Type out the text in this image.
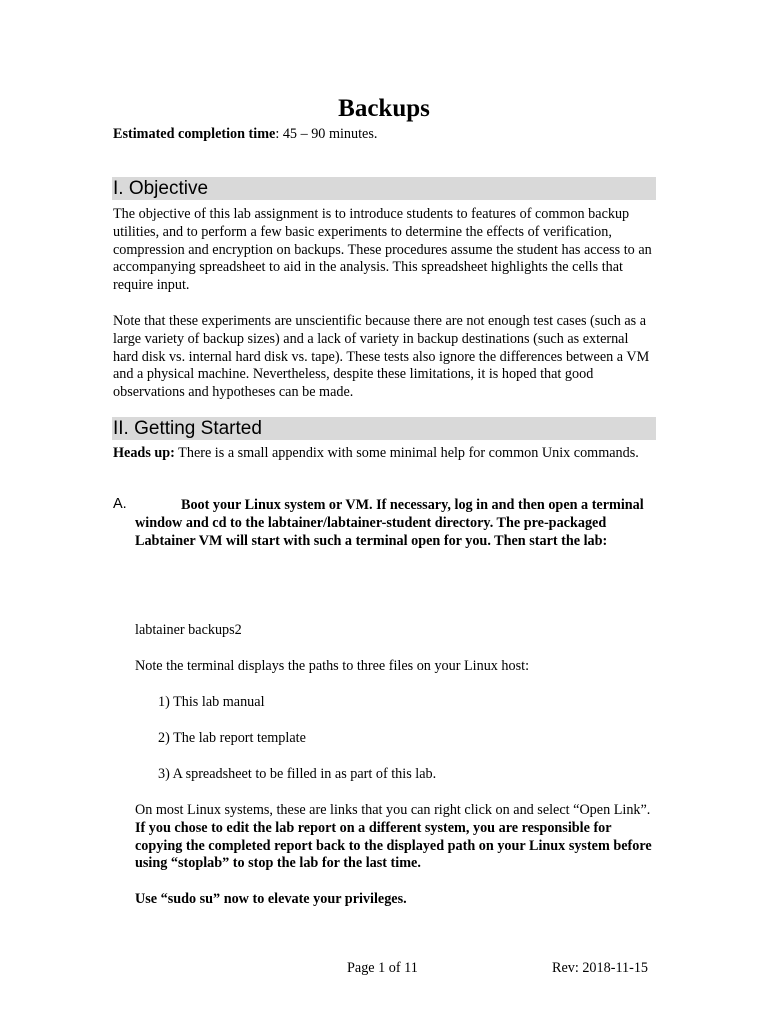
Backups
Estimated completion time: 45 – 90 minutes.
I. Objective
The objective of this lab assignment is to introduce students to features of common backup utilities, and to perform a few basic experiments to determine the effects of verification, compression and encryption on backups. These procedures assume the student has access to an accompanying spreadsheet to aid in the analysis. This spreadsheet highlights the cells that require input.
Note that these experiments are unscientific because there are not enough test cases (such as a large variety of backup sizes) and a lack of variety in backup destinations (such as external hard disk vs. internal hard disk vs. tape). These tests also ignore the differences between a VM and a physical machine. Nevertheless, despite these limitations, it is hoped that good observations and hypotheses can be made.
II. Getting Started
Heads up: There is a small appendix with some minimal help for common Unix commands.
A.	Boot your Linux system or VM. If necessary, log in and then open a terminal window and cd to the labtainer/labtainer-student directory. The pre-packaged Labtainer VM will start with such a terminal open for you. Then start the lab:
labtainer backups2
Note the terminal displays the paths to three files on your Linux host:
1) This lab manual
2) The lab report template
3) A spreadsheet to be filled in as part of this lab.
On most Linux systems, these are links that you can right click on and select “Open Link”. If you chose to edit the lab report on a different system, you are responsible for copying the completed report back to the displayed path on your Linux system before using “stoplab” to stop the lab for the last time.
Use “sudo su” now to elevate your privileges.
Page 1 of 11	Rev: 2018-11-15
